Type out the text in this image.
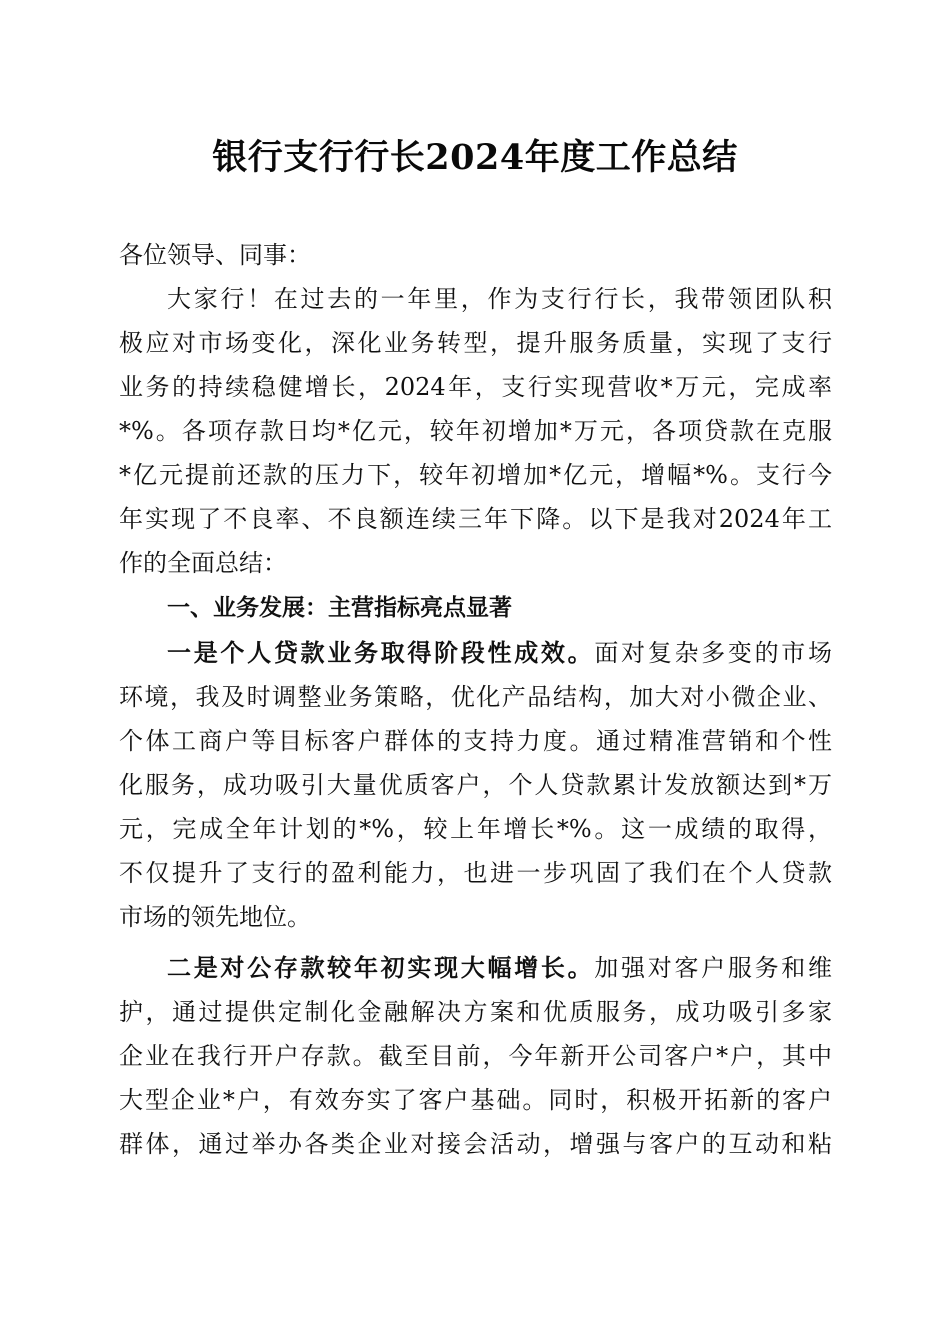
银行支行行长2024年度工作总结
各位领导、同事：
大家行！在过去的一年里，作为支行行长，我带领团队积
极应对市场变化，深化业务转型，提升服务质量，实现了支行
业务的持续稳健增长，2024年，支行实现营收*万元，完成率
*%。各项存款日均*亿元，较年初增加*万元，各项贷款在克服
*亿元提前还款的压力下，较年初增加*亿元，增幅*%。支行今
年实现了不良率、不良额连续三年下降。以下是我对2024年工
作的全面总结：
一、业务发展：主营指标亮点显著
一是个人贷款业务取得阶段性成效。面对复杂多变的市场
环境，我及时调整业务策略，优化产品结构，加大对小微企业、
个体工商户等目标客户群体的支持力度。通过精准营销和个性
化服务，成功吸引大量优质客户，个人贷款累计发放额达到*万
元，完成全年计划的*%，较上年增长*%。这一成绩的取得，
不仅提升了支行的盈利能力，也进一步巩固了我们在个人贷款
市场的领先地位。
二是对公存款较年初实现大幅增长。加强对客户服务和维
护，通过提供定制化金融解决方案和优质服务，成功吸引多家
企业在我行开户存款。截至目前，今年新开公司客户*户，其中
大型企业*户，有效夯实了客户基础。同时，积极开拓新的客户
群体，通过举办各类企业对接会活动，增强与客户的互动和粘
